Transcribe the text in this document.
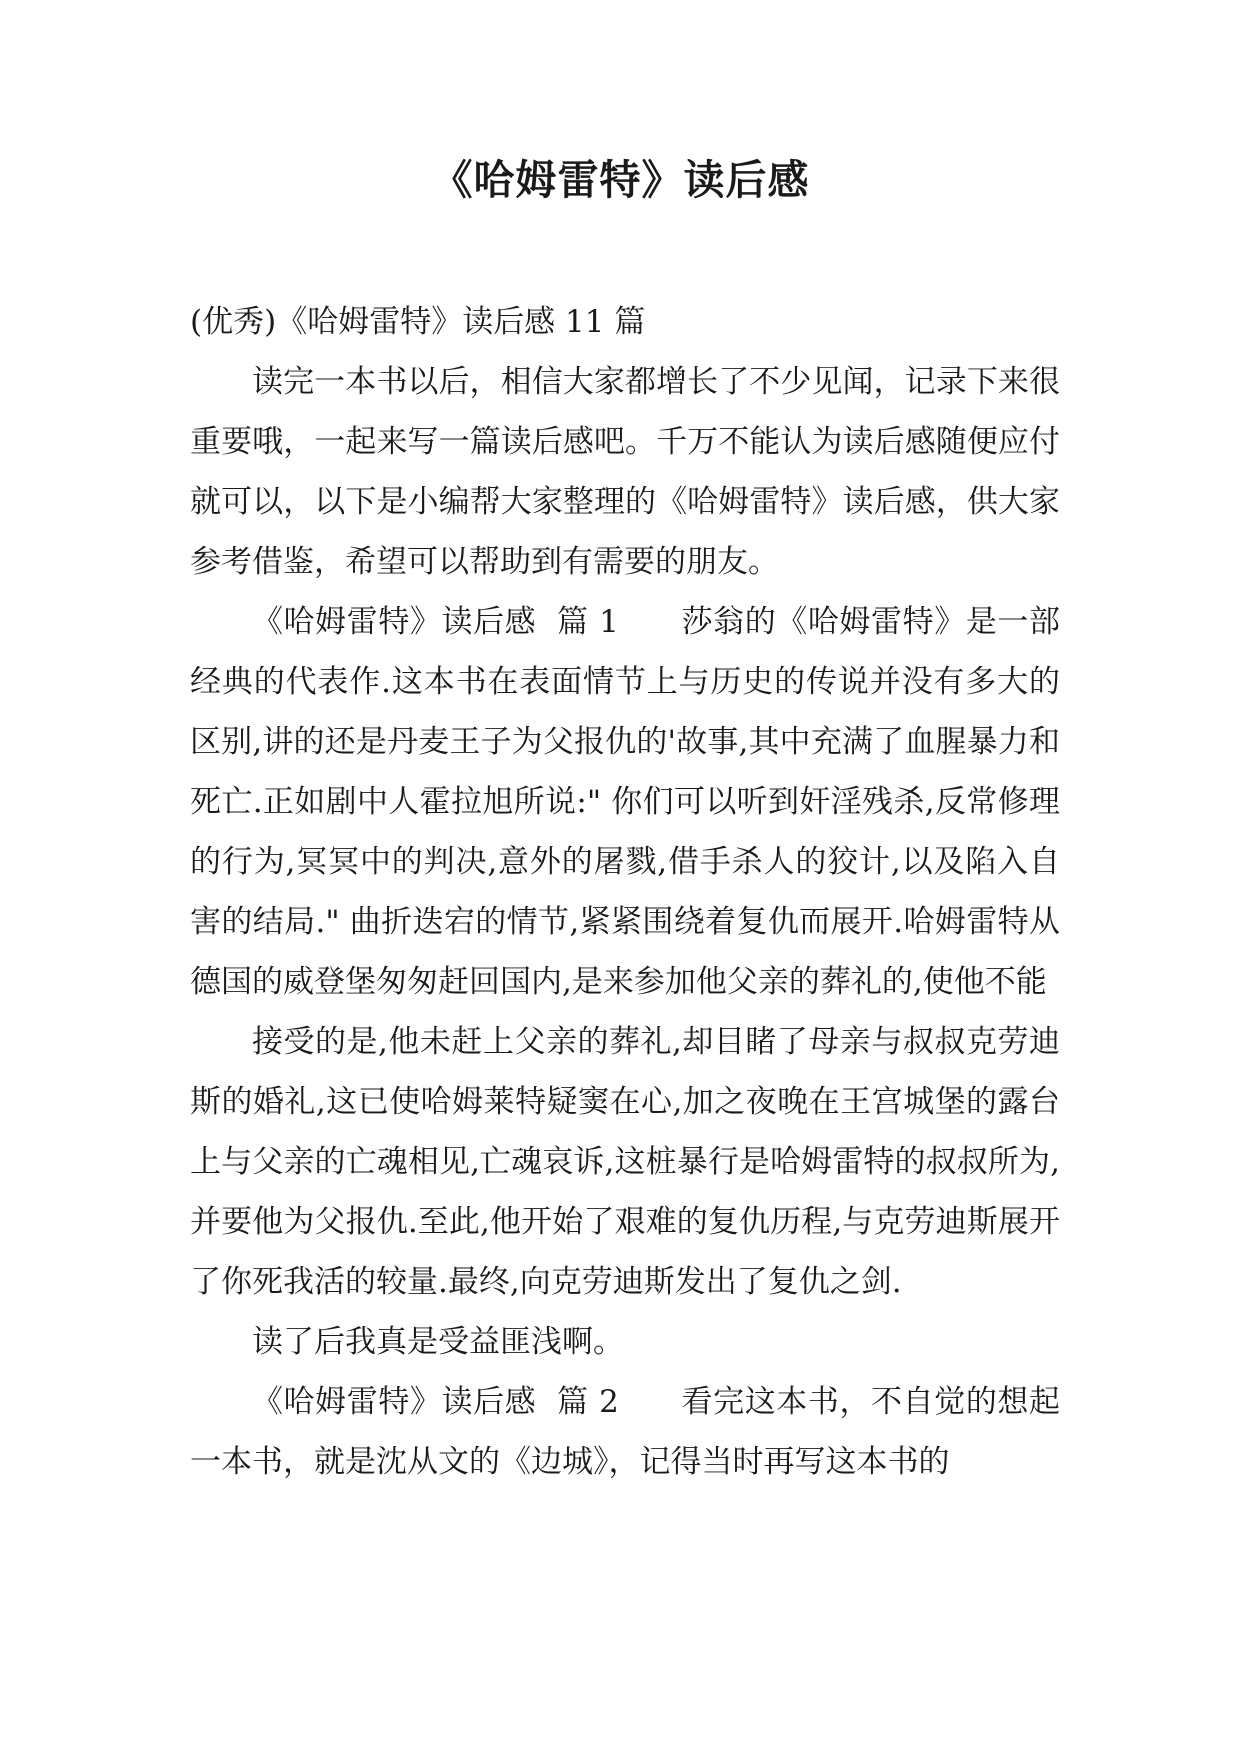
《哈姆雷特》读后感

(优秀)《哈姆雷特》读后感 11 篇

读完一本书以后，相信大家都增长了不少见闻，记录下来很重要哦，一起来写一篇读后感吧。千万不能认为读后感随便应付就可以，以下是小编帮大家整理的《哈姆雷特》读后感，供大家参考借鉴，希望可以帮助到有需要的朋友。

《哈姆雷特》读后感  篇 1 莎翁的《哈姆雷特》是一部经典的代表作.这本书在表面情节上与历史的传说并没有多大的区别,讲的还是丹麦王子为父报仇的'故事,其中充满了血腥暴力和死亡.正如剧中人霍拉旭所说:" 你们可以听到奸淫残杀,反常修理的行为,冥冥中的判决,意外的屠戮,借手杀人的狡计,以及陷入自害的结局." 曲折迭宕的情节,紧紧围绕着复仇而展开.哈姆雷特从德国的威登堡匆匆赶回国内,是来参加他父亲的葬礼的,使他不能

接受的是,他未赶上父亲的葬礼,却目睹了母亲与叔叔克劳迪斯的婚礼,这已使哈姆莱特疑窦在心,加之夜晚在王宫城堡的露台上与父亲的亡魂相见,亡魂哀诉,这桩暴行是哈姆雷特的叔叔所为,并要他为父报仇.至此,他开始了艰难的复仇历程,与克劳迪斯展开了你死我活的较量.最终,向克劳迪斯发出了复仇之剑.

读了后我真是受益匪浅啊。

《哈姆雷特》读后感  篇 2 看完这本书，不自觉的想起一本书，就是沈从文的《边城》，记得当时再写这本书的
